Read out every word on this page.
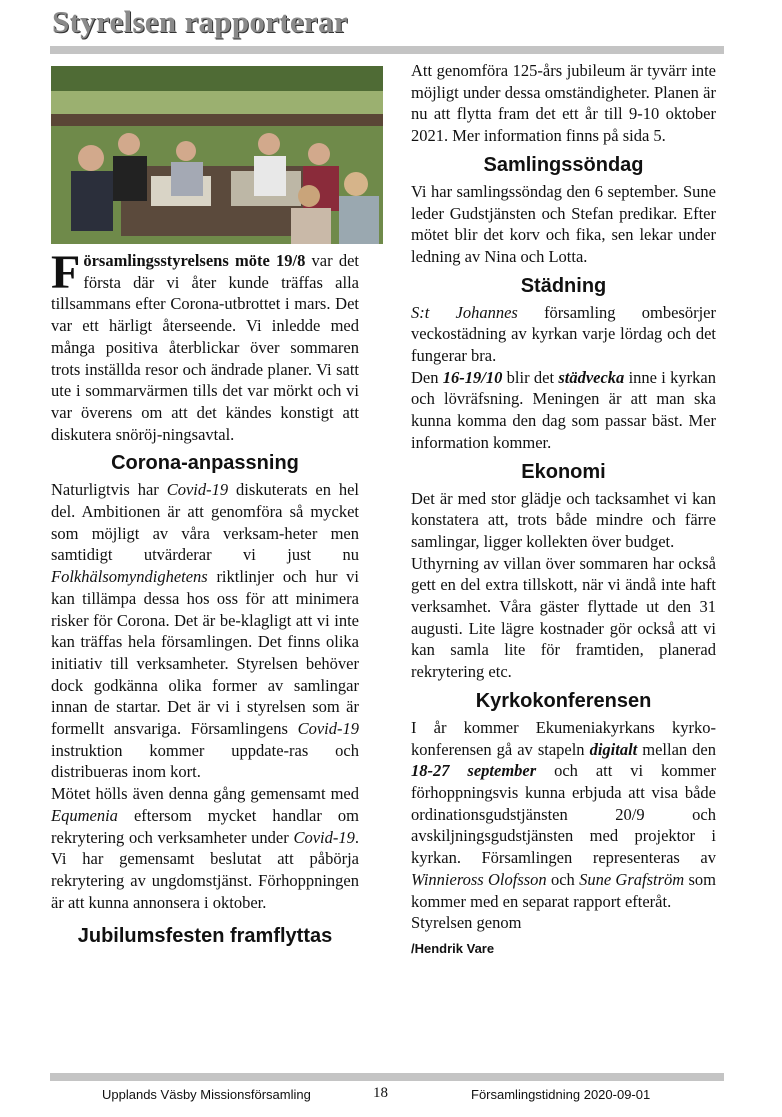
Styrelsen rapporterar

Församlingsstyrelsens möte 19/8 var det första där vi åter kunde träffas alla tillsammans efter Corona-utbrottet i mars. Det var ett härligt återseende. Vi inledde med många positiva återblickar över sommaren trots inställda resor och ändrade planer. Vi satt ute i sommarvärmen tills det var mörkt och vi var överens om att det kändes konstigt att diskutera snöröj-ningsavtal.

Corona-anpassning

Naturligtvis har Covid-19 diskuterats en hel del. Ambitionen är att genomföra så mycket som möjligt av våra verksam-heter men samtidigt utvärderar vi just nu Folkhälsomyndighetens riktlinjer och hur vi kan tillämpa dessa hos oss för att minimera risker för Corona. Det är be-klagligt att vi inte kan träffas hela församlingen. Det finns olika initiativ till verksamheter. Styrelsen behöver dock godkänna olika former av samlingar innan de startar. Det är vi i styrelsen som är formellt ansvariga. Församlingens Covid-19 instruktion kommer uppdate-ras och distribueras inom kort.

Mötet hölls även denna gång gemensamt med Equmenia eftersom mycket handlar om rekrytering och verksamheter under Covid-19. Vi har gemensamt beslutat att påbörja rekrytering av ungdomstjänst. Förhoppningen är att kunna annonsera i oktober.

Jubilumsfesten framflyttas

Att genomföra 125-års jubileum är tyvärr inte möjligt under dessa omständigheter. Planen är nu att flytta fram det ett år till 9-10 oktober 2021. Mer information finns på sida 5.

Samlingssöndag

Vi har samlingssöndag den 6 september. Sune leder Gudstjänsten och Stefan predikar. Efter mötet blir det korv och fika, sen lekar under ledning av Nina och Lotta.

Städning

S:t Johannes församling ombesörjer veckostädning av kyrkan varje lördag och det fungerar bra.

Den 16-19/10 blir det städvecka inne i kyrkan och lövräfsning. Meningen är att man ska kunna komma den dag som passar bäst. Mer information kommer.

Ekonomi

Det är med stor glädje och tacksamhet vi kan konstatera att, trots både mindre och färre samlingar, ligger kollekten över budget.

Uthyrning av villan över sommaren har också gett en del extra tillskott, när vi ändå inte haft verksamhet. Våra gäster flyttade ut den 31 augusti. Lite lägre kostnader gör också att vi kan samla lite för framtiden, planerad rekrytering etc.

Kyrkokonferensen

I år kommer Ekumeniakyrkans kyrko-konferensen gå av stapeln digitalt mellan den 18-27 september och att vi kommer förhoppningsvis kunna erbjuda att visa både ordinationsgudstjänsten 20/9 och avskiljningsgudstjänsten med projektor i kyrkan. Församlingen representeras av Winnieross Olofsson och Sune Grafström som kommer med en separat rapport efteråt.

Styrelsen genom

/Hendrik Vare
Upplands Väsby Missionsförsamling	18	Församlingstidning 2020-09-01
